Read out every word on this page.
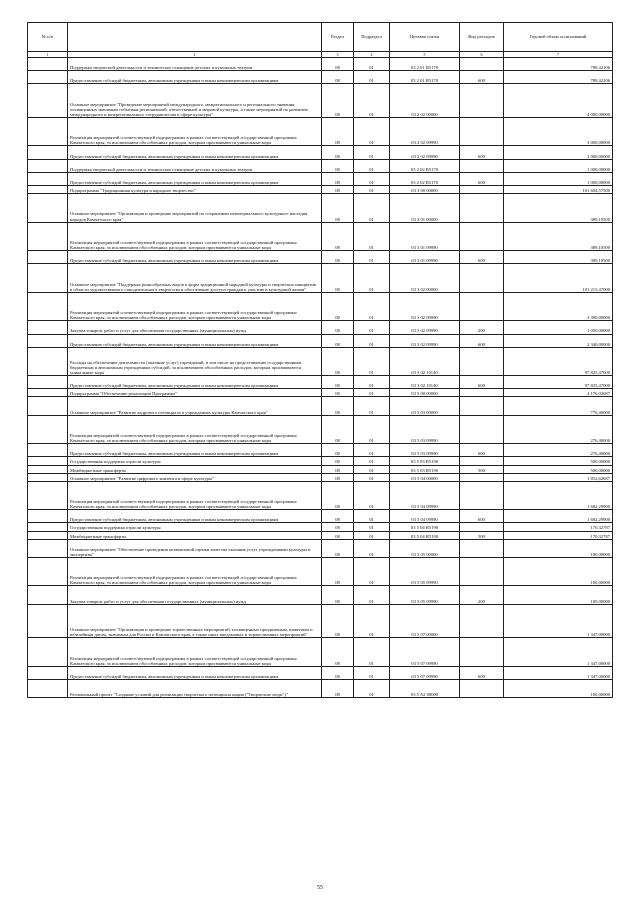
№ п/п		Раздел	Подраздел	Целевая статья	Вид расходов	Годовой объем ассигнований
1	2	3	4	5	6	7
	Поддержка творческой деятельности и техническое оснащение детских и кукольных театров	08	01	03 2 01 R5170		788,42106
	Предоставление субсидий бюджетным, автономным учреждениям и иным некоммерческим организациям	08	01	03 2 01 R5170	600	788,42106
	Основное мероприятие "Проведение мероприятий международного, межрегионального и регионального значения, посвященных значимым событиям региональной, отечественной и мировой культуры, а также мероприятий по развитию международного и межрегионального сотрудничества в сфере культуры"	08	01	03 2 02 00000		4 000,00000
	Реализация мероприятий соответствующей подпрограммы в рамках соответствующей государственной программы Камчатского края, за исключением обособленных расходов, которым присваиваются уникальные коды	08	01	03 2 02 09990		3 000,00000
	Предоставление субсидий бюджетным, автономным учреждениям и иным некоммерческим организациям	08	01	03 2 02 09990	600	3 000,00000
	Поддержка творческой деятельности и техническое оснащение детских и кукольных театров	08	01	03 2 02 R5170		1 000,00000
	Предоставление субсидий бюджетным, автономным учреждениям и иным некоммерческим организациям	08	01	03 2 02 R5170	600	1 000,00000
	Подпрограмма "Традиционная культура и народное творчество"	08	01	03 3 00 00000		101 604,57500
	Основное мероприятие "Организация и проведение мероприятий по сохранению нематериального культурного наследия народов Камчатского края"	08	01	03 3 01 00000		389,10500
	Реализация мероприятий соответствующей подпрограммы в рамках соответствующей государственной программы Камчатского края, за исключением обособленных расходов, которым присваиваются уникальные коды	08	01	03 3 01 09990		389,10500
	Предоставление субсидий бюджетным, автономным учреждениям и иным некоммерческим организациям	08	01	03 3 01 09990	600	389,10500
	Основное мероприятие "Поддержка разнообразных видов и форм традиционной народной культуры и творческих инициатив в области художественного самодеятельного творчества и обеспечение доступа граждан к участию в культурной жизни"	08	01	03 3 02 00000		101 215,47000
	Реализация мероприятий соответствующей подпрограммы в рамках соответствующей государственной программы Камчатского края, за исключением обособленных расходов, которым присваиваются уникальные коды	08	01	03 3 02 09990		3 390,00000
	Закупка товаров, работ и услуг для обеспечения государственных (муниципальных) нужд	08	01	03 3 02 09990	200	1 050,00000
	Предоставление субсидий бюджетным, автономным учреждениям и иным некоммерческим организациям	08	01	03 3 02 09990	600	2 340,00000
	Расходы на обеспечение деятельности (оказание услуг) учреждений, в том числе на предоставление государственным бюджетным и автономным учреждениям субсидий, за исключением обособленных расходов, которым присваиваются уникальные коды	08	01	03 3 02 10140		97 825,47000
	Предоставление субсидий бюджетным, автономным учреждениям и иным некоммерческим организациям	08	01	03 3 02 10140	600	97 825,47000
	Подпрограмма "Обеспечение реализации Программы"	08	01	03 5 00 00000		4 176,02687
	Основное мероприятие "Развитие кадрового потенциала в учреждениях культуры Камчатского края"	08	01	03 5 03 00000		776,40000
	Реализация мероприятий соответствующей подпрограммы в рамках соответствующей государственной программы Камчатского края, за исключением обособленных расходов, которым присваиваются уникальные коды	08	01	03 5 03 09990		276,40000
	Предоставление субсидий бюджетным, автономным учреждениям и иным некоммерческим организациям	08	01	03 5 03 09990	600	276,40000
	Государственная поддержка отрасли культуры	08	01	03 5 03 R5190		500,00000
	Межбюджетные трансферты	08	01	03 5 03 R5190	500	500,00000
	Основное мероприятие "Развитие цифрового контента в сфере культуры"	08	01	03 5 04 00000		1 852,62687
	Реализация мероприятий соответствующей подпрограммы в рамках соответствующей государственной программы Камчатского края, за исключением обособленных расходов, которым присваиваются уникальные коды	08	01	03 5 04 09990		1 682,29900
	Предоставление субсидий бюджетным, автономным учреждениям и иным некоммерческим организациям	08	01	03 5 04 09990	600	1 682,29900
	Государственная поддержка отрасли культуры	08	01	03 5 04 R5190		170,32787
	Межбюджетные трансферты	08	01	03 5 04 R5190	500	170,32787
	Основное мероприятие "Обеспечение проведения независимой оценки качества оказания услуг учреждениями культуры и экспертизы"	08	01	03 5 05 00000		100,00000
	Реализация мероприятий соответствующей подпрограммы в рамках соответствующей государственной программы Камчатского края, за исключением обособленных расходов, которым присваиваются уникальные коды	08	01	03 5 05 09990		100,00000
	Закупка товаров, работ и услуг для обеспечения государственных (муниципальных) нужд	08	01	03 5 05 09990	200	100,00000
	Основное мероприятие "Организация и проведение торжественных мероприятий, посвященных праздничным, памятным и юбилейным датам, значимым для России и Камчатского края, а также иных внедомовых и торжественных мероприятий"	08	01	03 5 07 00000		1 347,00000
	Реализация мероприятий соответствующей подпрограммы в рамках соответствующей государственной программы Камчатского края, за исключением обособленных расходов, которым присваиваются уникальные коды	08	01	03 5 07 09990		1 347,00000
	Предоставление субсидий бюджетным, автономным учреждениям и иным некоммерческим организациям	08	01	03 5 07 09990	600	1 347,00000
	Региональный проект "Создание условий для реализации творческого потенциала нации ("Творческие люди")"	08	01	03 5 A2 00000		100,00000
55
